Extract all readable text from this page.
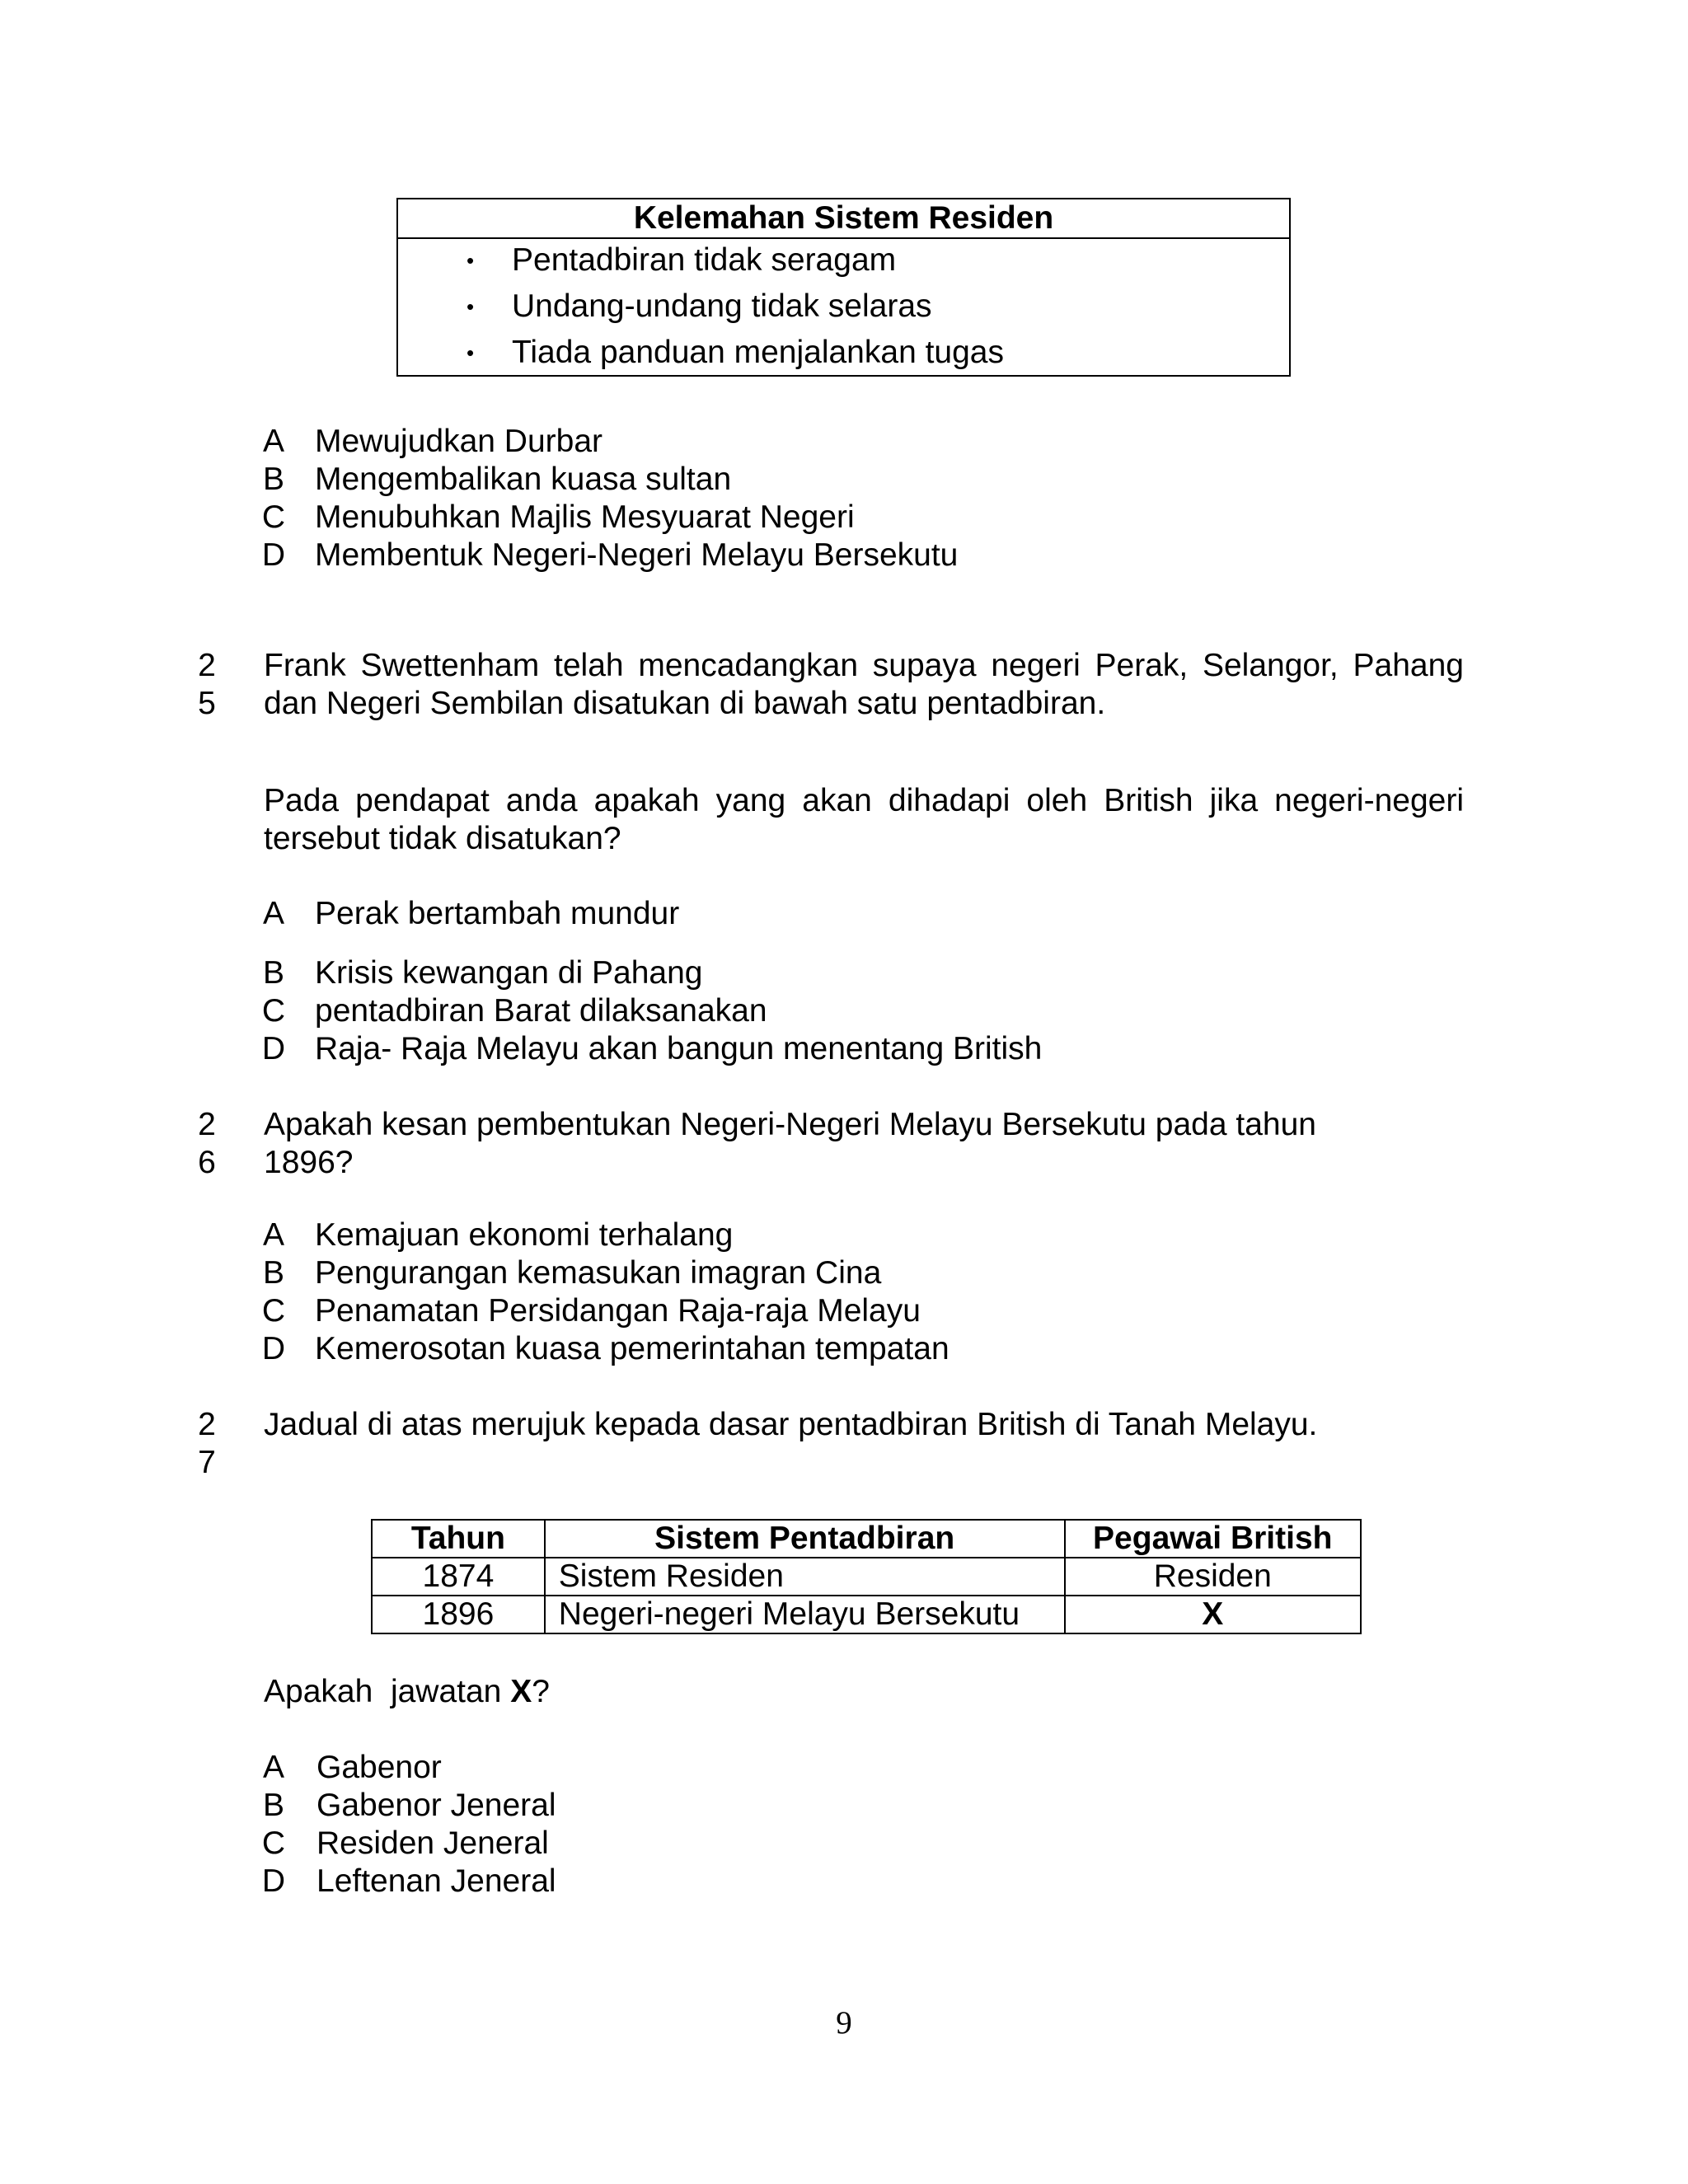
Kelemahan Sistem Residen
• Pentadbiran tidak seragam
• Undang-undang tidak selaras
• Tiada panduan menjalankan tugas
A Mewujudkan Durbar
B Mengembalikan kuasa sultan
C Menubuhkan Majlis Mesyuarat Negeri
D Membentuk Negeri-Negeri Melayu Bersekutu
2
5
Frank Swettenham telah mencadangkan supaya negeri Perak, Selangor, Pahang
dan Negeri Sembilan disatukan di bawah satu pentadbiran.
Pada pendapat anda apakah yang akan dihadapi oleh British jika negeri-negeri
tersebut tidak disatukan?
A Perak bertambah mundur
B Krisis kewangan di Pahang
C pentadbiran Barat dilaksanakan
D Raja- Raja Melayu akan bangun menentang British
2
6
Apakah kesan pembentukan Negeri-Negeri Melayu Bersekutu pada tahun
1896?
A Kemajuan ekonomi terhalang
B Pengurangan kemasukan imagran Cina
C Penamatan Persidangan Raja-raja Melayu
D Kemerosotan kuasa pemerintahan tempatan
2
7
Jadual di atas merujuk kepada dasar pentadbiran British di Tanah Melayu.
Tahun	Sistem Pentadbiran	Pegawai British
1874	Sistem Residen	Residen
1896	Negeri-negeri Melayu Bersekutu	X
Apakah  jawatan X?
A Gabenor
B Gabenor Jeneral
C Residen Jeneral
D Leftenan Jeneral
9
